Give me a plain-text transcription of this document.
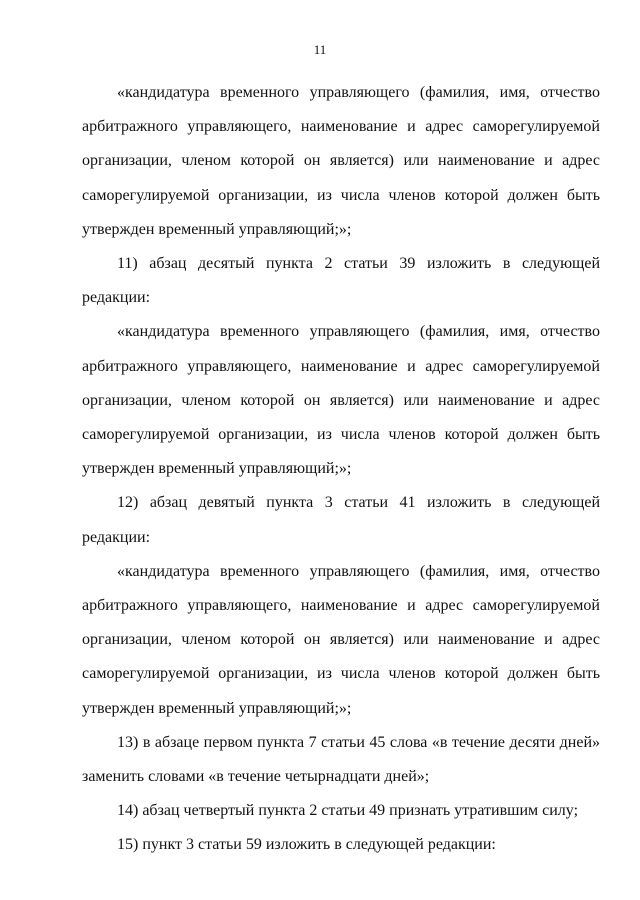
11

«кандидатура временного управляющего (фамилия, имя, отчество арбитражного управляющего, наименование и адрес саморегулируемой организации, членом которой он является) или наименование и адрес саморегулируемой организации, из числа членов которой должен быть утвержден временный управляющий;»;

11) абзац десятый пункта 2 статьи 39 изложить в следующей редакции:

«кандидатура временного управляющего (фамилия, имя, отчество арбитражного управляющего, наименование и адрес саморегулируемой организации, членом которой он является) или наименование и адрес саморегулируемой организации, из числа членов которой должен быть утвержден временный управляющий;»;

12) абзац девятый пункта 3 статьи 41 изложить в следующей редакции:

«кандидатура временного управляющего (фамилия, имя, отчество арбитражного управляющего, наименование и адрес саморегулируемой организации, членом которой он является) или наименование и адрес саморегулируемой организации, из числа членов которой должен быть утвержден временный управляющий;»;

13) в абзаце первом пункта 7 статьи 45 слова «в течение десяти дней» заменить словами «в течение четырнадцати дней»;

14) абзац четвертый пункта 2 статьи 49 признать утратившим силу;

15) пункт 3 статьи 59 изложить в следующей редакции:
